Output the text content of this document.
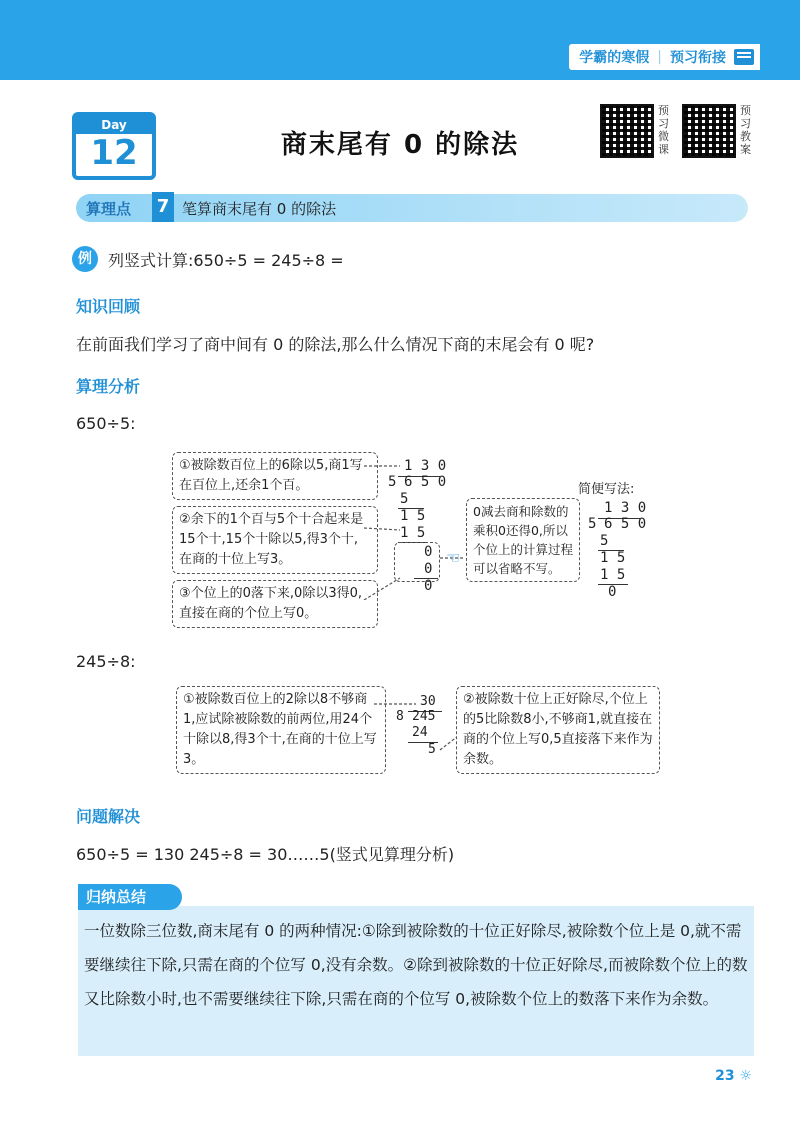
学霸的寒假 | 预习衔接
Day
12	商末尾有 0 的除法
预习微课
预习教案
算理点 7 笔算商末尾有 0 的除法
例	列竖式计算:650÷5 = 245÷8 =
知识回顾
在前面我们学习了商中间有 0 的除法,那么什么情况下商的末尾会有 0 呢?
算理分析
650÷5:
①被除数百位上的6除以5,商1写在百位上,还余1个百。
②余下的1个百与5个十合起来是15个十,15个十除以5,得3个十,在商的十位上写3。
③个位上的0落下来,0除以3得0,直接在商的个位上写0。
1 3 0
5 6 5 0
5
1 5
1 5
0
0
0
☜
0减去商和除数的乘积0还得0,所以个位上的计算过程可以省略不写。
简便写法:
1 3 0
5 6 5 0
5
1 5
1 5
0
245÷8:
①被除数百位上的2除以8不够商1,应试除被除数的前两位,用24个十除以8,得3个十,在商的十位上写3。
30
8 245
24
5
②被除数十位上正好除尽,个位上的5比除数8小,不够商1,就直接在商的个位上写0,5直接落下来作为余数。
问题解决
650÷5 = 130 245÷8 = 30……5(竖式见算理分析)
归纳总结
一位数除三位数,商末尾有 0 的两种情况:①除到被除数的十位正好除尽,被除数个位上是 0,就不需要继续往下除,只需在商的个位写 0,没有余数。②除到被除数的十位正好除尽,而被除数个位上的数又比除数小时,也不需要继续往下除,只需在商的个位写 0,被除数个位上的数落下来作为余数。
23 ☼
